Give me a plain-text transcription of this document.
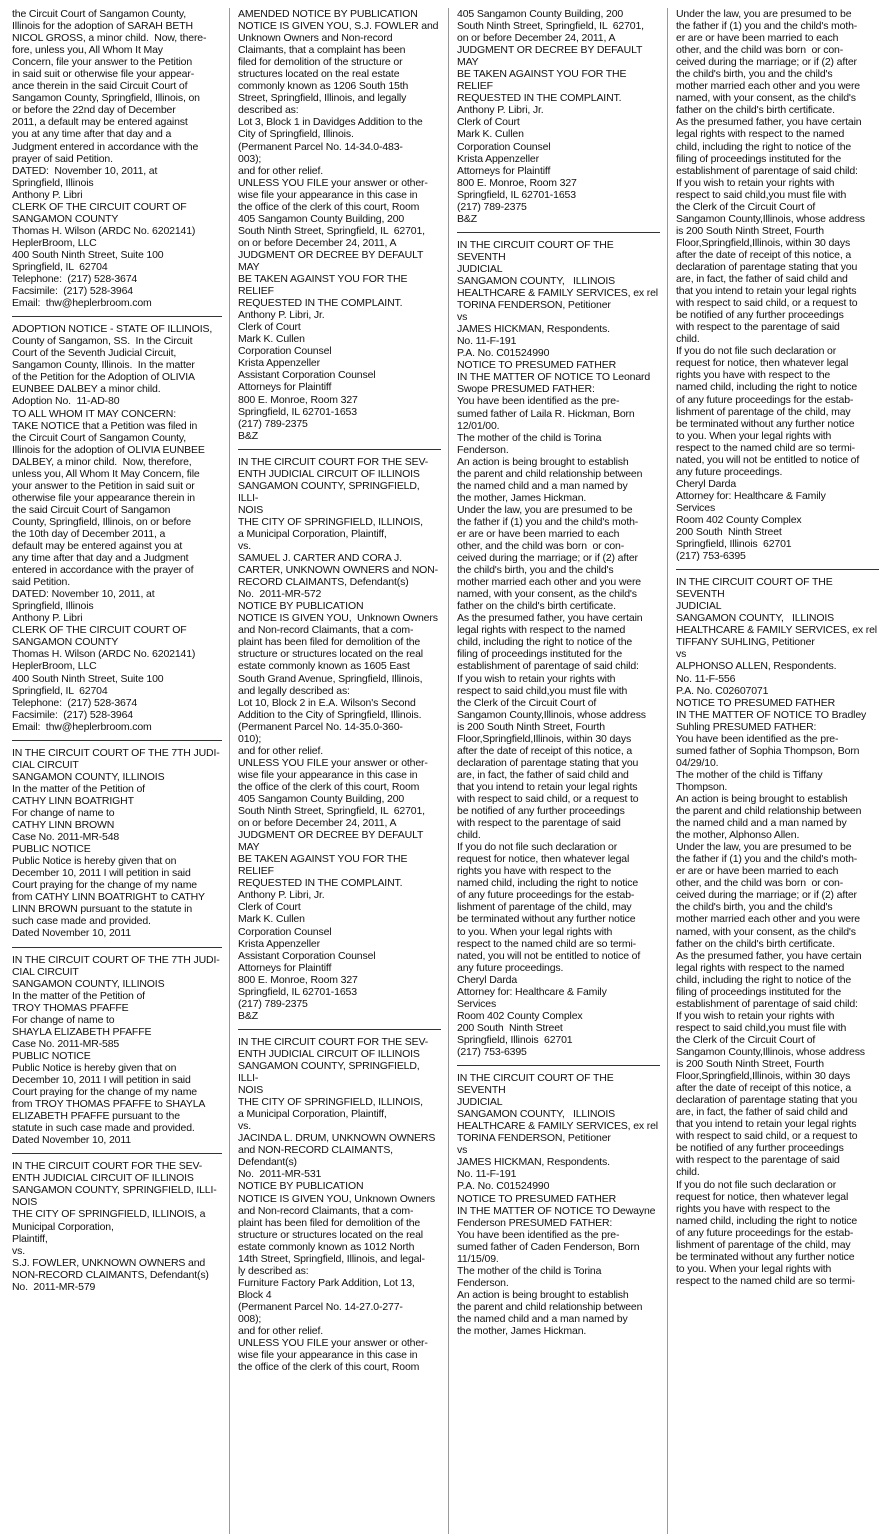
the Circuit Court of Sangamon County,

Illinois for the adoption of SARAH BETH

NICOL GROSS, a minor child.  Now, there-

fore, unless you, All Whom It May

Concern, file your answer to the Petition

in said suit or otherwise file your appear-

ance therein in the said Circuit Court of

Sangamon County, Springfield, Illinois, on

or before the 22nd day of December

2011, a default may be entered against

you at any time after that day and a

Judgment entered in accordance with the

prayer of said Petition.

DATED:  November 10, 2011, at

Springfield, Illinois

Anthony P. Libri

CLERK OF THE CIRCUIT COURT OF

SANGAMON COUNTY

Thomas H. Wilson (ARDC No. 6202141)

HeplerBroom, LLC

400 South Ninth Street, Suite 100

Springfield, IL  62704

Telephone:  (217) 528-3674

Facsimile:  (217) 528-3964

Email:  thw@heplerbroom.com

ADOPTION NOTICE - STATE OF ILLINOIS,

County of Sangamon, SS.  In the Circuit

Court of the Seventh Judicial Circuit,

Sangamon County, Illinois.  In the matter

of the Petition for the Adoption of OLIVIA

EUNBEE DALBEY a minor child.

Adoption No.  11-AD-80

TO ALL WHOM IT MAY CONCERN:

TAKE NOTICE that a Petition was filed in

the Circuit Court of Sangamon County,

Illinois for the adoption of OLIVIA EUNBEE

DALBEY, a minor child.  Now, therefore,

unless you, All Whom It May Concern, file

your answer to the Petition in said suit or

otherwise file your appearance therein in

the said Circuit Court of Sangamon

County, Springfield, Illinois, on or before

the 10th day of December 2011, a

default may be entered against you at

any time after that day and a Judgment

entered in accordance with the prayer of

said Petition.

DATED: November 10, 2011, at

Springfield, Illinois

Anthony P. Libri

CLERK OF THE CIRCUIT COURT OF

SANGAMON COUNTY

Thomas H. Wilson (ARDC No. 6202141)

HeplerBroom, LLC

400 South Ninth Street, Suite 100

Springfield, IL  62704

Telephone:  (217) 528-3674

Facsimile:  (217) 528-3964

Email:  thw@heplerbroom.com

IN THE CIRCUIT COURT OF THE 7TH JUDI-

CIAL CIRCUIT

SANGAMON COUNTY, ILLINOIS

In the matter of the Petition of

CATHY LINN BOATRIGHT

For change of name to

CATHY LINN BROWN

Case No. 2011-MR-548

PUBLIC NOTICE

Public Notice is hereby given that on

December 10, 2011 I will petition in said

Court praying for the change of my name

from CATHY LINN BOATRIGHT to CATHY

LINN BROWN pursuant to the statute in

such case made and provided.

Dated November 10, 2011

IN THE CIRCUIT COURT OF THE 7TH JUDI-

CIAL CIRCUIT

SANGAMON COUNTY, ILLINOIS

In the matter of the Petition of

TROY THOMAS PFAFFE

For change of name to

SHAYLA ELIZABETH PFAFFE

Case No. 2011-MR-585

PUBLIC NOTICE

Public Notice is hereby given that on

December 10, 2011 I will petition in said

Court praying for the change of my name

from TROY THOMAS PFAFFE to SHAYLA

ELIZABETH PFAFFE pursuant to the

statute in such case made and provided.

Dated November 10, 2011

IN THE CIRCUIT COURT FOR THE SEV-

ENTH JUDICIAL CIRCUIT OF ILLINOIS

SANGAMON COUNTY, SPRINGFIELD, ILLI-

NOIS

THE CITY OF SPRINGFIELD, ILLINOIS, a

Municipal Corporation,

Plaintiff,

vs.

S.J. FOWLER, UNKNOWN OWNERS and

NON-RECORD CLAIMANTS, Defendant(s)

No.  2011-MR-579

AMENDED NOTICE BY PUBLICATION

NOTICE IS GIVEN YOU, S.J. FOWLER and

Unknown Owners and Non-record

Claimants, that a complaint has been

filed for demolition of the structure or

structures located on the real estate

commonly known as 1206 South 15th

Street, Springfield, Illinois, and legally

described as:

Lot 3, Block 1 in Davidges Addition to the

City of Springfield, Illinois.

(Permanent Parcel No. 14-34.0-483-

003);

and for other relief.

UNLESS YOU FILE your answer or other-

wise file your appearance in this case in

the office of the clerk of this court, Room

405 Sangamon County Building, 200

South Ninth Street, Springfield, IL  62701,

on or before December 24, 2011, A

JUDGMENT OR DECREE BY DEFAULT MAY

BE TAKEN AGAINST YOU FOR THE RELIEF

REQUESTED IN THE COMPLAINT.

Anthony P. Libri, Jr.

Clerk of Court

Mark K. Cullen

Corporation Counsel

Krista Appenzeller

Assistant Corporation Counsel

Attorneys for Plaintiff

800 E. Monroe, Room 327

Springfield, IL 62701-1653

(217) 789-2375

B&Z

IN THE CIRCUIT COURT FOR THE SEV-

ENTH JUDICIAL CIRCUIT OF ILLINOIS

SANGAMON COUNTY, SPRINGFIELD, ILLI-

NOIS

THE CITY OF SPRINGFIELD, ILLINOIS,

a Municipal Corporation, Plaintiff,

vs.

SAMUEL J. CARTER AND CORA J.

CARTER, UNKNOWN OWNERS and NON-

RECORD CLAIMANTS, Defendant(s)

No.  2011-MR-572

NOTICE BY PUBLICATION

NOTICE IS GIVEN YOU,  Unknown Owners

and Non-record Claimants, that a com-

plaint has been filed for demolition of the

structure or structures located on the real

estate commonly known as 1605 East

South Grand Avenue, Springfield, Illinois,

and legally described as:

Lot 10, Block 2 in E.A. Wilson's Second

Addition to the City of Springfield, Illinois.

(Permanent Parcel No. 14-35.0-360-

010);

and for other relief.

UNLESS YOU FILE your answer or other-

wise file your appearance in this case in

the office of the clerk of this court, Room

405 Sangamon County Building, 200

South Ninth Street, Springfield, IL  62701,

on or before December 24, 2011, A

JUDGMENT OR DECREE BY DEFAULT MAY

BE TAKEN AGAINST YOU FOR THE RELIEF

REQUESTED IN THE COMPLAINT.

Anthony P. Libri, Jr.

Clerk of Court

Mark K. Cullen

Corporation Counsel

Krista Appenzeller

Assistant Corporation Counsel

Attorneys for Plaintiff

800 E. Monroe, Room 327

Springfield, IL 62701-1653

(217) 789-2375

B&Z

IN THE CIRCUIT COURT FOR THE SEV-

ENTH JUDICIAL CIRCUIT OF ILLINOIS

SANGAMON COUNTY, SPRINGFIELD, ILLI-

NOIS

THE CITY OF SPRINGFIELD, ILLINOIS,

a Municipal Corporation, Plaintiff,

vs.

JACINDA L. DRUM, UNKNOWN OWNERS

and NON-RECORD CLAIMANTS,

Defendant(s)

No.  2011-MR-531

NOTICE BY PUBLICATION

NOTICE IS GIVEN YOU, Unknown Owners

and Non-record Claimants, that a com-

plaint has been filed for demolition of the

structure or structures located on the real

estate commonly known as 1012 North

14th Street, Springfield, Illinois, and legal-

ly described as:

Furniture Factory Park Addition, Lot 13,

Block 4

(Permanent Parcel No. 14-27.0-277-

008);

and for other relief.

UNLESS YOU FILE your answer or other-

wise file your appearance in this case in

the office of the clerk of this court, Room

405 Sangamon County Building, 200

South Ninth Street, Springfield, IL  62701,

on or before December 24, 2011, A

JUDGMENT OR DECREE BY DEFAULT MAY

BE TAKEN AGAINST YOU FOR THE RELIEF

REQUESTED IN THE COMPLAINT.

Anthony P. Libri, Jr.

Clerk of Court

Mark K. Cullen

Corporation Counsel

Krista Appenzeller

Attorneys for Plaintiff

800 E. Monroe, Room 327

Springfield, IL 62701-1653

(217) 789-2375

B&Z

IN THE CIRCUIT COURT OF THE SEVENTH

JUDICIAL

SANGAMON COUNTY,   ILLINOIS

HEALTHCARE & FAMILY SERVICES, ex rel

TORINA FENDERSON, Petitioner

vs

JAMES HICKMAN, Respondents.

No. 11-F-191

P.A. No. C01524990

NOTICE TO PRESUMED FATHER

IN THE MATTER OF NOTICE TO Leonard

Swope PRESUMED FATHER:

You have been identified as the pre-

sumed father of Laila R. Hickman, Born

12/01/00.

The mother of the child is Torina

Fenderson.

An action is being brought to establish

the parent and child relationship between

the named child and a man named by

the mother, James Hickman.

Under the law, you are presumed to be

the father if (1) you and the child's moth-

er are or have been married to each

other, and the child was born  or con-

ceived during the marriage; or if (2) after

the child's birth, you and the child's

mother married each other and you were

named, with your consent, as the child's

father on the child's birth certificate.

As the presumed father, you have certain

legal rights with respect to the named

child, including the right to notice of the

filing of proceedings instituted for the

establishment of parentage of said child:

If you wish to retain your rights with

respect to said child,you must file with

the Clerk of the Circuit Court of

Sangamon County,Illinois, whose address

is 200 South Ninth Street, Fourth

Floor,Springfield,Illinois, within 30 days

after the date of receipt of this notice, a

declaration of parentage stating that you

are, in fact, the father of said child and

that you intend to retain your legal rights

with respect to said child, or a request to

be notified of any further proceedings

with respect to the parentage of said

child.

If you do not file such declaration or

request for notice, then whatever legal

rights you have with respect to the

named child, including the right to notice

of any future proceedings for the estab-

lishment of parentage of the child, may

be terminated without any further notice

to you. When your legal rights with

respect to the named child are so termi-

nated, you will not be entitled to notice of

any future proceedings.

Cheryl Darda

Attorney for: Healthcare & Family

Services

Room 402 County Complex

200 South  Ninth Street

Springfield, Illinois  62701

(217) 753-6395

IN THE CIRCUIT COURT OF THE SEVENTH

JUDICIAL

SANGAMON COUNTY,   ILLINOIS

HEALTHCARE & FAMILY SERVICES, ex rel

TORINA FENDERSON, Petitioner

vs

JAMES HICKMAN, Respondents.

No. 11-F-191

P.A. No. C01524990

NOTICE TO PRESUMED FATHER

IN THE MATTER OF NOTICE TO Dewayne

Fenderson PRESUMED FATHER:

You have been identified as the pre-

sumed father of Caden Fenderson, Born

11/15/09.

The mother of the child is Torina

Fenderson.

An action is being brought to establish

the parent and child relationship between

the named child and a man named by

the mother, James Hickman.

Under the law, you are presumed to be

the father if (1) you and the child's moth-

er are or have been married to each

other, and the child was born  or con-

ceived during the marriage; or if (2) after

the child's birth, you and the child's

mother married each other and you were

named, with your consent, as the child's

father on the child's birth certificate.

As the presumed father, you have certain

legal rights with respect to the named

child, including the right to notice of the

filing of proceedings instituted for the

establishment of parentage of said child:

If you wish to retain your rights with

respect to said child,you must file with

the Clerk of the Circuit Court of

Sangamon County,Illinois, whose address

is 200 South Ninth Street, Fourth

Floor,Springfield,Illinois, within 30 days

after the date of receipt of this notice, a

declaration of parentage stating that you

are, in fact, the father of said child and

that you intend to retain your legal rights

with respect to said child, or a request to

be notified of any further proceedings

with respect to the parentage of said

child.

If you do not file such declaration or

request for notice, then whatever legal

rights you have with respect to the

named child, including the right to notice

of any future proceedings for the estab-

lishment of parentage of the child, may

be terminated without any further notice

to you. When your legal rights with

respect to the named child are so termi-

nated, you will not be entitled to notice of

any future proceedings.

Cheryl Darda

Attorney for: Healthcare & Family

Services

Room 402 County Complex

200 South  Ninth Street

Springfield, Illinois  62701

(217) 753-6395

IN THE CIRCUIT COURT OF THE SEVENTH

JUDICIAL

SANGAMON COUNTY,   ILLINOIS

HEALTHCARE & FAMILY SERVICES, ex rel

TIFFANY SUHLING, Petitioner

vs

ALPHONSO ALLEN, Respondents.

No. 11-F-556

P.A. No. C02607071

NOTICE TO PRESUMED FATHER

IN THE MATTER OF NOTICE TO Bradley

Suhling PRESUMED FATHER:

You have been identified as the pre-

sumed father of Sophia Thompson, Born

04/29/10.

The mother of the child is Tiffany

Thompson.

An action is being brought to establish

the parent and child relationship between

the named child and a man named by

the mother, Alphonso Allen.

Under the law, you are presumed to be

the father if (1) you and the child's moth-

er are or have been married to each

other, and the child was born  or con-

ceived during the marriage; or if (2) after

the child's birth, you and the child's

mother married each other and you were

named, with your consent, as the child's

father on the child's birth certificate.

As the presumed father, you have certain

legal rights with respect to the named

child, including the right to notice of the

filing of proceedings instituted for the

establishment of parentage of said child:

If you wish to retain your rights with

respect to said child,you must file with

the Clerk of the Circuit Court of

Sangamon County,Illinois, whose address

is 200 South Ninth Street, Fourth

Floor,Springfield,Illinois, within 30 days

after the date of receipt of this notice, a

declaration of parentage stating that you

are, in fact, the father of said child and

that you intend to retain your legal rights

with respect to said child, or a request to

be notified of any further proceedings

with respect to the parentage of said

child.

If you do not file such declaration or

request for notice, then whatever legal

rights you have with respect to the

named child, including the right to notice

of any future proceedings for the estab-

lishment of parentage of the child, may

be terminated without any further notice

to you. When your legal rights with

respect to the named child are so termi-
